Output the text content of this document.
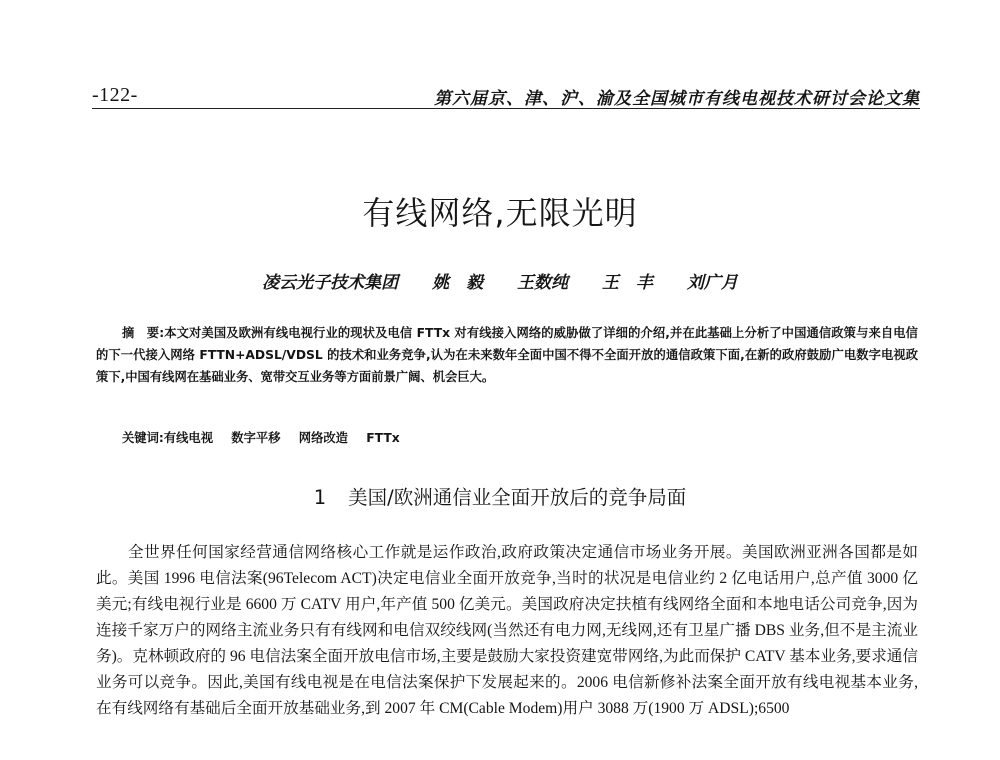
-122-	第六届京、津、沪、渝及全国城市有线电视技术研讨会论文集
有线网络,无限光明
凌云光子技术集团 姚　毅 王数纯 王　丰 刘广月
摘　要:本文对美国及欧洲有线电视行业的现状及电信 FTTx 对有线接入网络的威胁做了详细的介绍,并在此基础上分析了中国通信政策与来自电信的下一代接入网络 FTTN+ADSL/VDSL 的技术和业务竞争,认为在未来数年全面中国不得不全面开放的通信政策下面,在新的政府鼓励广电数字电视政策下,中国有线网在基础业务、宽带交互业务等方面前景广阔、机会巨大。
关键词:有线电视 数字平移 网络改造 FTTx
1 美国/欧洲通信业全面开放后的竞争局面
全世界任何国家经营通信网络核心工作就是运作政治,政府政策决定通信市场业务开展。美国欧洲亚洲各国都是如此。美国 1996 电信法案(96Telecom ACT)决定电信业全面开放竞争,当时的状况是电信业约 2 亿电话用户,总产值 3000 亿美元;有线电视行业是 6600 万 CATV 用户,年产值 500 亿美元。美国政府决定扶植有线网络全面和本地电话公司竞争,因为连接千家万户的网络主流业务只有有线网和电信双绞线网(当然还有电力网,无线网,还有卫星广播 DBS 业务,但不是主流业务)。克林顿政府的 96 电信法案全面开放电信市场,主要是鼓励大家投资建宽带网络,为此而保护 CATV 基本业务,要求通信业务可以竞争。因此,美国有线电视是在电信法案保护下发展起来的。2006 电信新修补法案全面开放有线电视基本业务,在有线网络有基础后全面开放基础业务,到 2007 年 CM(Cable Modem)用户 3088 万(1900 万 ADSL);6500
